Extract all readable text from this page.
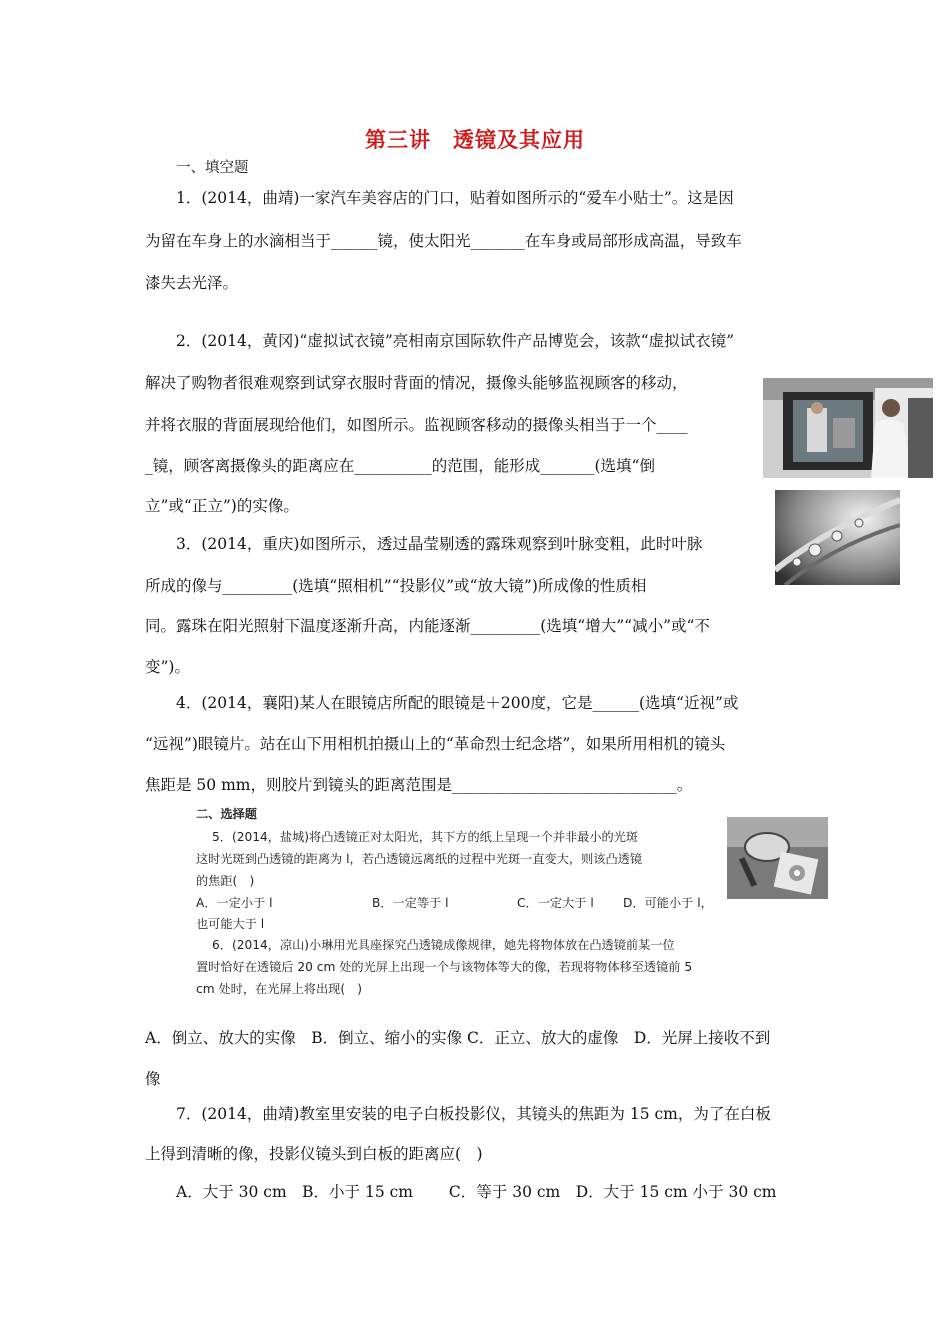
第三讲　透镜及其应用
一、填空题
1．(2014，曲靖)一家汽车美容店的门口，贴着如图所示的“爱车小贴士”。这是因
为留在车身上的水滴相当于______镜，使太阳光_______在车身或局部形成高温，导致车
漆失去光泽。
2．(2014，黄冈)“虚拟试衣镜”亮相南京国际软件产品博览会，该款“虚拟试衣镜”
解决了购物者很难观察到试穿衣服时背面的情况，摄像头能够监视顾客的移动，
并将衣服的背面展现给他们，如图所示。监视顾客移动的摄像头相当于一个____
_镜，顾客离摄像头的距离应在__________的范围，能形成_______(选填“倒
立”或“正立”)的实像。
3．(2014，重庆)如图所示，透过晶莹剔透的露珠观察到叶脉变粗，此时叶脉
所成的像与_________(选填“照相机”“投影仪”或“放大镜”)所成像的性质相
同。露珠在阳光照射下温度逐渐升高，内能逐渐_________(选填“增大”“减小”或“不
变”)。
4．(2014，襄阳)某人在眼镜店所配的眼镜是＋200度，它是______(选填“近视”或
“远视”)眼镜片。站在山下用相机拍摄山上的“革命烈士纪念塔”，如果所用相机的镜头
焦距是 50 mm，则胶片到镜头的距离范围是_____________________________。
二、选择题
5．(2014，盐城)将凸透镜正对太阳光，其下方的纸上呈现一个并非最小的光斑
这时光斑到凸透镜的距离为 l，若凸透镜远离纸的过程中光斑一直变大，则该凸透镜
的焦距(　)
A．一定小于 l	B．一定等于 l	C．一定大于 l D．可能小于 l，
也可能大于 l
6．(2014，凉山)小琳用光具座探究凸透镜成像规律，她先将物体放在凸透镜前某一位
置时恰好在透镜后 20 cm 处的光屏上出现一个与该物体等大的像，若现将物体移至透镜前 5
cm 处时，在光屏上将出现(　)
A．倒立、放大的实像　B．倒立、缩小的实像 C．正立、放大的虚像　D．光屏上接收不到
像
7．(2014，曲靖)教室里安装的电子白板投影仪，其镜头的焦距为 15 cm，为了在白板
上得到清晰的像，投影仪镜头到白板的距离应(　)
A．大于 30 cm　B．小于 15 cm　　 C．等于 30 cm　D．大于 15 cm 小于 30 cm
